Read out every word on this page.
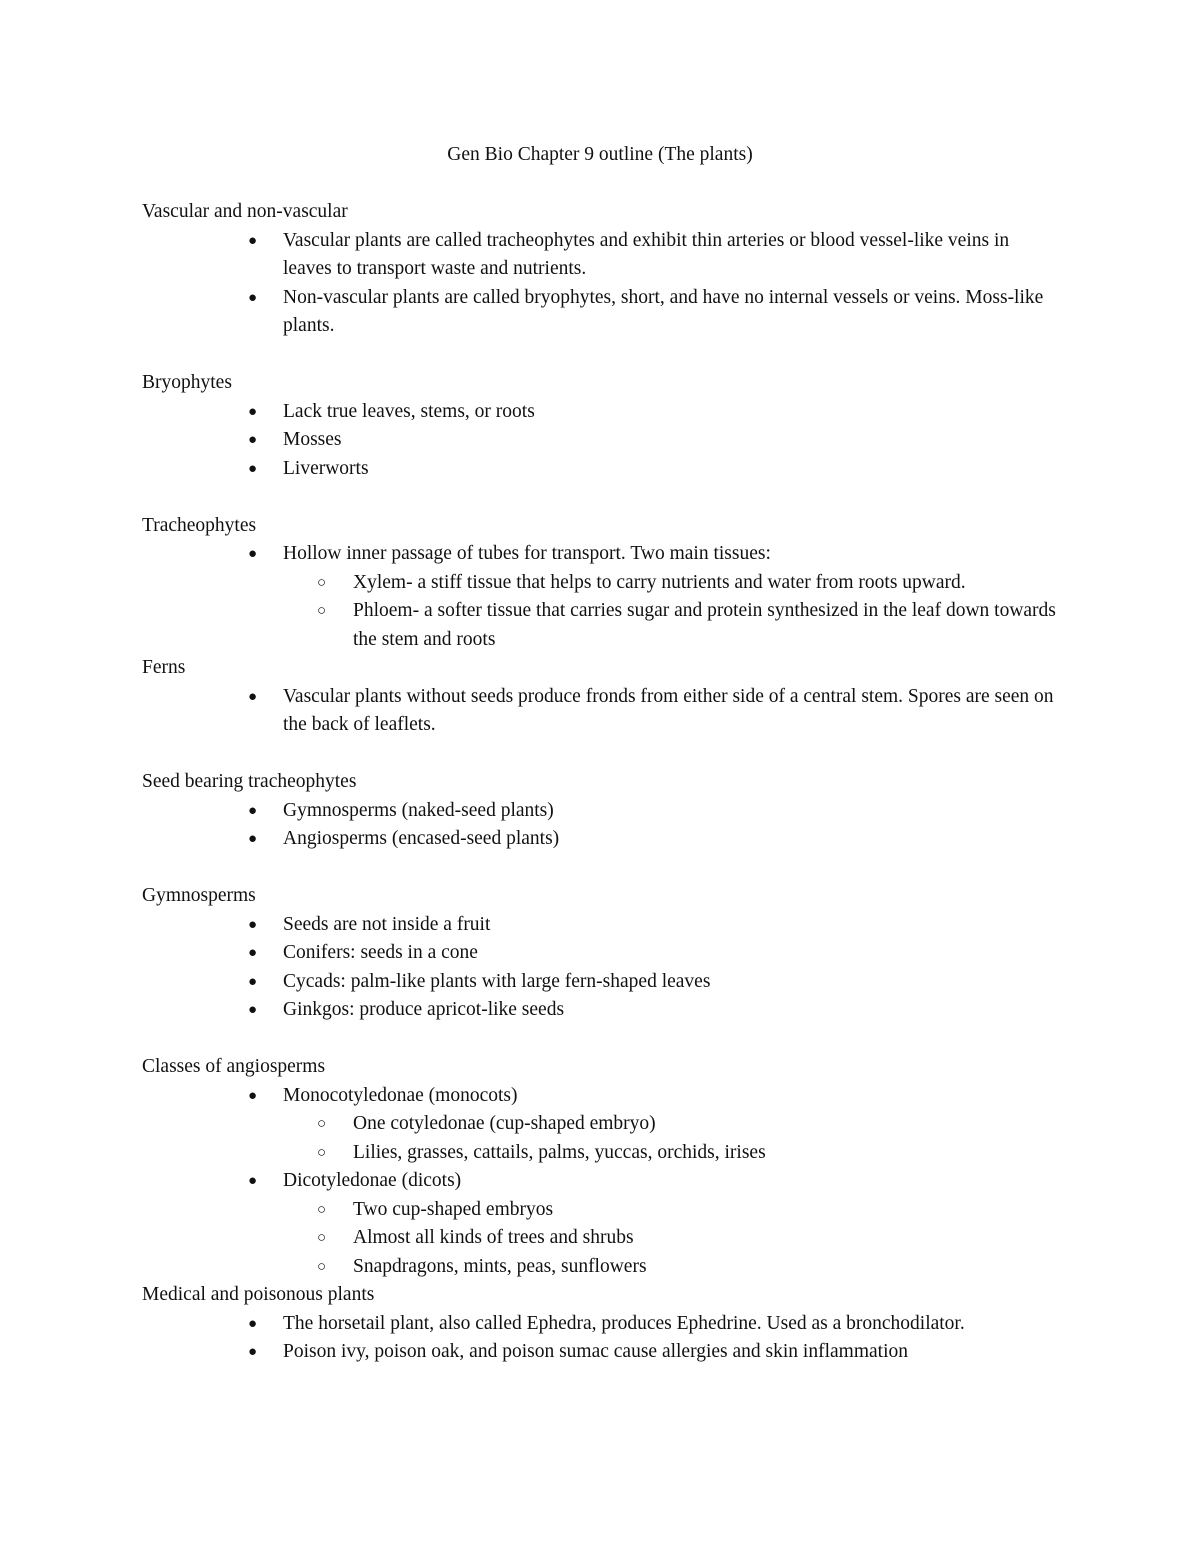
Gen Bio Chapter 9 outline (The plants)

Vascular and non-vascular

● Vascular plants are called tracheophytes and exhibit thin arteries or blood vessel-like veins in leaves to transport waste and nutrients.
● Non-vascular plants are called bryophytes, short, and have no internal vessels or veins. Moss-like plants.

Bryophytes

● Lack true leaves, stems, or roots
● Mosses
● Liverworts

Tracheophytes

● Hollow inner passage of tubes for transport. Two main tissues:
○ Xylem- a stiff tissue that helps to carry nutrients and water from roots upward.
○ Phloem- a softer tissue that carries sugar and protein synthesized in the leaf down towards the stem and roots

Ferns

● Vascular plants without seeds produce fronds from either side of a central stem. Spores are seen on the back of leaflets.

Seed bearing tracheophytes

● Gymnosperms (naked-seed plants)
● Angiosperms (encased-seed plants)

Gymnosperms

● Seeds are not inside a fruit
● Conifers: seeds in a cone
● Cycads: palm-like plants with large fern-shaped leaves
● Ginkgos: produce apricot-like seeds

Classes of angiosperms

● Monocotyledonae (monocots)
○ One cotyledonae (cup-shaped embryo)
○ Lilies, grasses, cattails, palms, yuccas, orchids, irises
● Dicotyledonae (dicots)
○ Two cup-shaped embryos
○ Almost all kinds of trees and shrubs
○ Snapdragons, mints, peas, sunflowers

Medical and poisonous plants

● The horsetail plant, also called Ephedra, produces Ephedrine. Used as a bronchodilator.
● Poison ivy, poison oak, and poison sumac cause allergies and skin inflammation
